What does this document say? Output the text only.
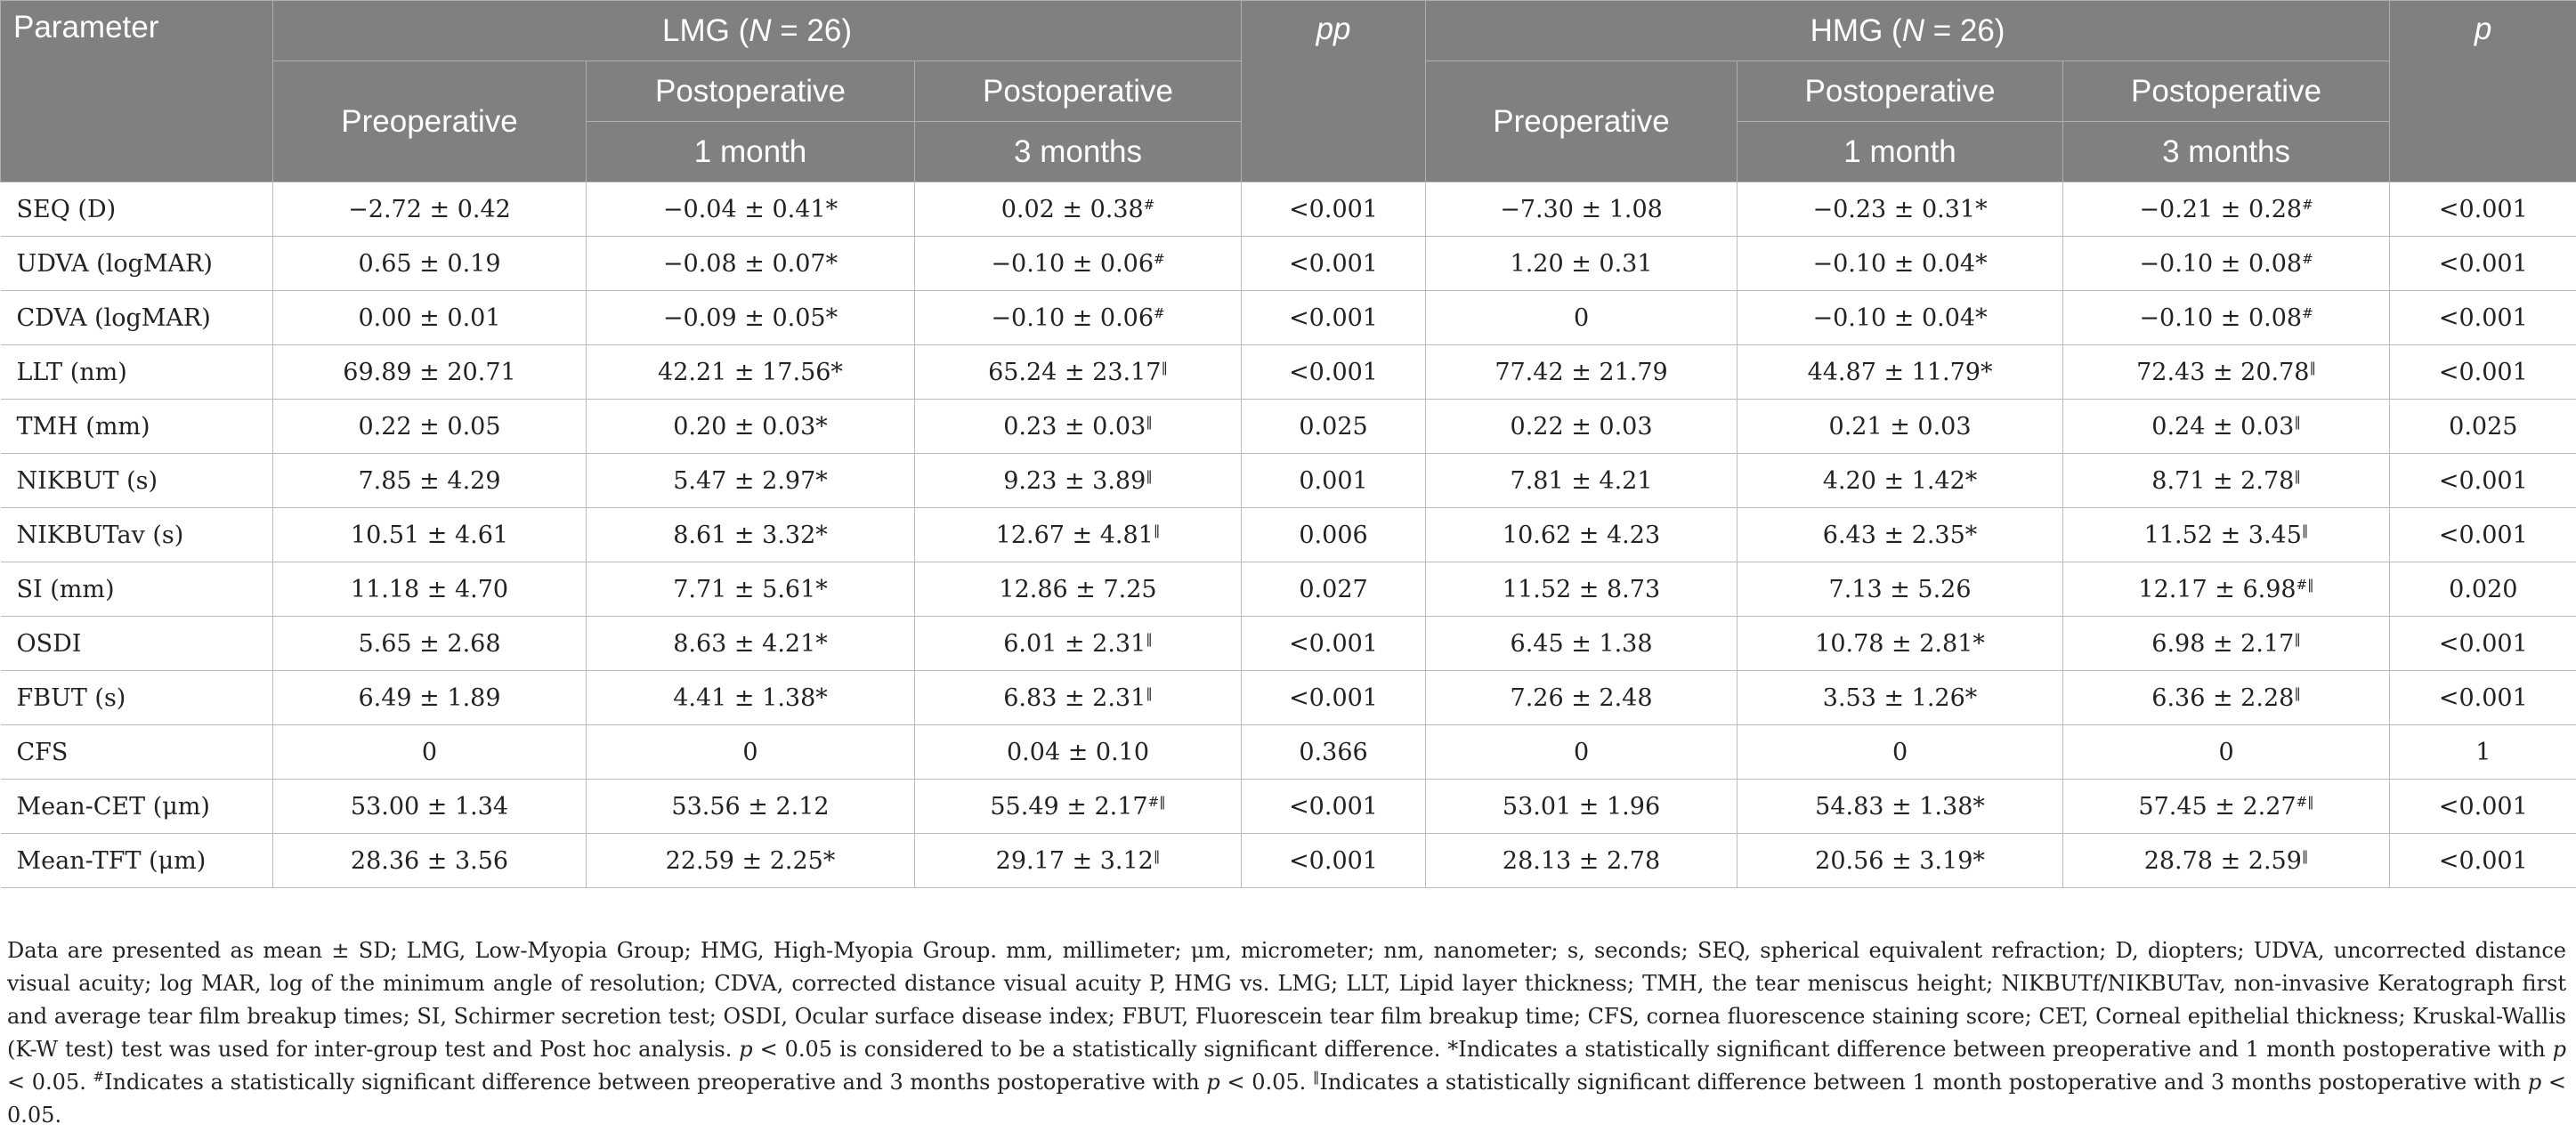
Parameter	LMG (N = 26)			pp	HMG (N = 26)			p
	Preoperative	Postoperative	Postoperative		Preoperative	Postoperative	Postoperative	
		1 month	3 months			1 month	3 months	
SEQ (D)	−2.72 ± 0.42	−0.04 ± 0.41*	0.02 ± 0.38#	<0.001	−7.30 ± 1.08	−0.23 ± 0.31*	−0.21 ± 0.28#	<0.001
UDVA (logMAR)	0.65 ± 0.19	−0.08 ± 0.07*	−0.10 ± 0.06#	<0.001	1.20 ± 0.31	−0.10 ± 0.04*	−0.10 ± 0.08#	<0.001
CDVA (logMAR)	0.00 ± 0.01	−0.09 ± 0.05*	−0.10 ± 0.06#	<0.001	0	−0.10 ± 0.04*	−0.10 ± 0.08#	<0.001
LLT (nm)	69.89 ± 20.71	42.21 ± 17.56*	65.24 ± 23.17‖	<0.001	77.42 ± 21.79	44.87 ± 11.79*	72.43 ± 20.78‖	<0.001
TMH (mm)	0.22 ± 0.05	0.20 ± 0.03*	0.23 ± 0.03‖	0.025	0.22 ± 0.03	0.21 ± 0.03	0.24 ± 0.03‖	0.025
NIKBUT (s)	7.85 ± 4.29	5.47 ± 2.97*	9.23 ± 3.89‖	0.001	7.81 ± 4.21	4.20 ± 1.42*	8.71 ± 2.78‖	<0.001
NIKBUTav (s)	10.51 ± 4.61	8.61 ± 3.32*	12.67 ± 4.81‖	0.006	10.62 ± 4.23	6.43 ± 2.35*	11.52 ± 3.45‖	<0.001
SI (mm)	11.18 ± 4.70	7.71 ± 5.61*	12.86 ± 7.25	0.027	11.52 ± 8.73	7.13 ± 5.26	12.17 ± 6.98#‖	0.020
OSDI	5.65 ± 2.68	8.63 ± 4.21*	6.01 ± 2.31‖	<0.001	6.45 ± 1.38	10.78 ± 2.81*	6.98 ± 2.17‖	<0.001
FBUT (s)	6.49 ± 1.89	4.41 ± 1.38*	6.83 ± 2.31‖	<0.001	7.26 ± 2.48	3.53 ± 1.26*	6.36 ± 2.28‖	<0.001
CFS	0	0	0.04 ± 0.10	0.366	0	0	0	1
Mean-CET (μm)	53.00 ± 1.34	53.56 ± 2.12	55.49 ± 2.17#‖	<0.001	53.01 ± 1.96	54.83 ± 1.38*	57.45 ± 2.27#‖	<0.001
Mean-TFT (μm)	28.36 ± 3.56	22.59 ± 2.25*	29.17 ± 3.12‖	<0.001	28.13 ± 2.78	20.56 ± 3.19*	28.78 ± 2.59‖	<0.001
Data are presented as mean ± SD; LMG, Low-Myopia Group; HMG, High-Myopia Group. mm, millimeter; μm, micrometer; nm, nanometer; s, seconds; SEQ, spherical equivalent refraction; D, diopters; UDVA, uncorrected distance visual acuity; log MAR, log of the minimum angle of resolution; CDVA, corrected distance visual acuity P, HMG vs. LMG; LLT, Lipid layer thickness; TMH, the tear meniscus height; NIKBUTf/NIKBUTav, non-invasive Keratograph first and average tear film breakup times; SI, Schirmer secretion test; OSDI, Ocular surface disease index; FBUT, Fluorescein tear film breakup time; CFS, cornea fluorescence staining score; CET, Corneal epithelial thickness; Kruskal-Wallis (K-W test) test was used for inter-group test and Post hoc analysis. p < 0.05 is considered to be a statistically significant difference. *Indicates a statistically significant difference between preoperative and 1 month postoperative with p < 0.05. #Indicates a statistically significant difference between preoperative and 3 months postoperative with p < 0.05. ‖Indicates a statistically significant difference between 1 month postoperative and 3 months postoperative with p < 0.05.
